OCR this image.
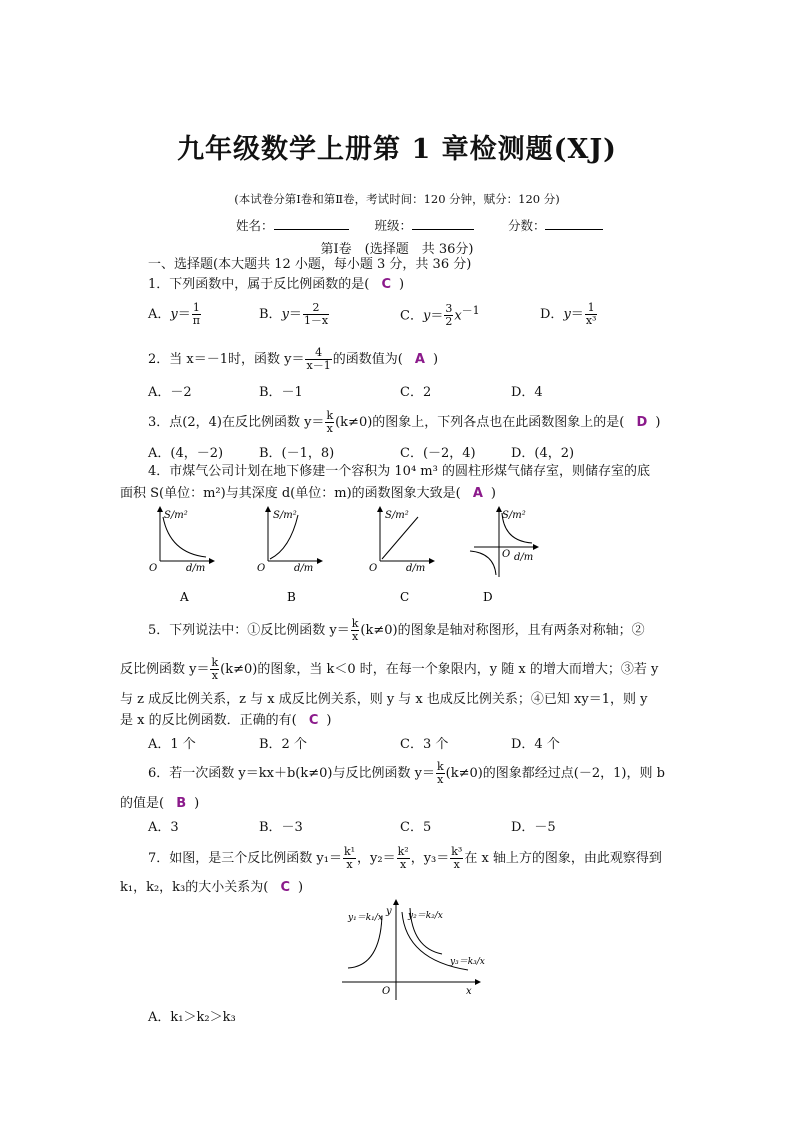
九年级数学上册第 1 章检测题(XJ)
(本试卷分第Ⅰ卷和第Ⅱ卷，考试时间：120 分钟，赋分：120 分)
姓名：	班级：	分数：
第Ⅰ卷　(选择题　共 36分)
一、选择题(本大题共 12 小题，每小题 3 分，共 36 分)
1．下列函数中，属于反比例函数的是( C )
A．$y= \frac{1}{\pi}$	B．$y= \frac{2}{1-x}$	C．$y= \frac{3}{2} x^{-1}$	D．$y= \frac{1}{\text{x³}}$
2．当 x＝－1时，函数 $y= \frac{4}{x-1}$ 的函数值为( A )
A．－2	B．－1	C．2	D．4
3．点(2，4)在反比例函数 $y= \frac{k}{x} (k\ne 0)$的图象上，下列各点也在此函数图象上的是( D )
A．(4，－2)	B．(－1，8)	C．(－2，4)	D．(4，2)
4．市煤气公司计划在地下修建一个容积为 10⁴ m³ 的圆柱形煤气储存室，则储存室的底
面积 S(单位：m²)与其深度 d(单位：m)的函数图象大致是( A )
S/m²
O	d/m
S/m²
O	d/m
S/m²
O	d/m
S/m²
O d/m
A	B	C	D
5．下列说法中：①反比例函数 $y= \frac{k}{x} (k\ne 0)$的图象是轴对称图形，且有两条对称轴；②
反比例函数 $y= \frac{k}{x} (k\ne 0)$的图象，当 k＜0 时，在每一个象限内，y 随 x 的增大而增大；③若 y
与 z 成反比例关系，z 与 x 成反比例关系，则 y 与 x 也成反比例关系；④已知 xy＝1，则 y
是 x 的反比例函数．正确的有( C )
A．1 个	B．2 个	C．3 个	D．4 个
6．若一次函数 y＝kx＋b(k≠0)与反比例函数 $y= \frac{k}{x} (k\ne 0)$的图象都经过点(－2，1)，则 b
的值是( B )
A．3	B．－3	C．5	D．－5
7．如图，是三个反比例函数 $y_1= \frac{\text{k¹}}{x}$ ，$y_2= \frac{\text{k²}}{x}$ ，$y_3= \frac{\text{k³}}{x}$ 在 x 轴上方的图象，由此观察得到
k₁，k₂，k₃的大小关系为( C )
y₁＝k₁/x	y₂＝k₂/x
y₃＝k₃/x
y
x
O
A．k₁＞k₂＞k₃
